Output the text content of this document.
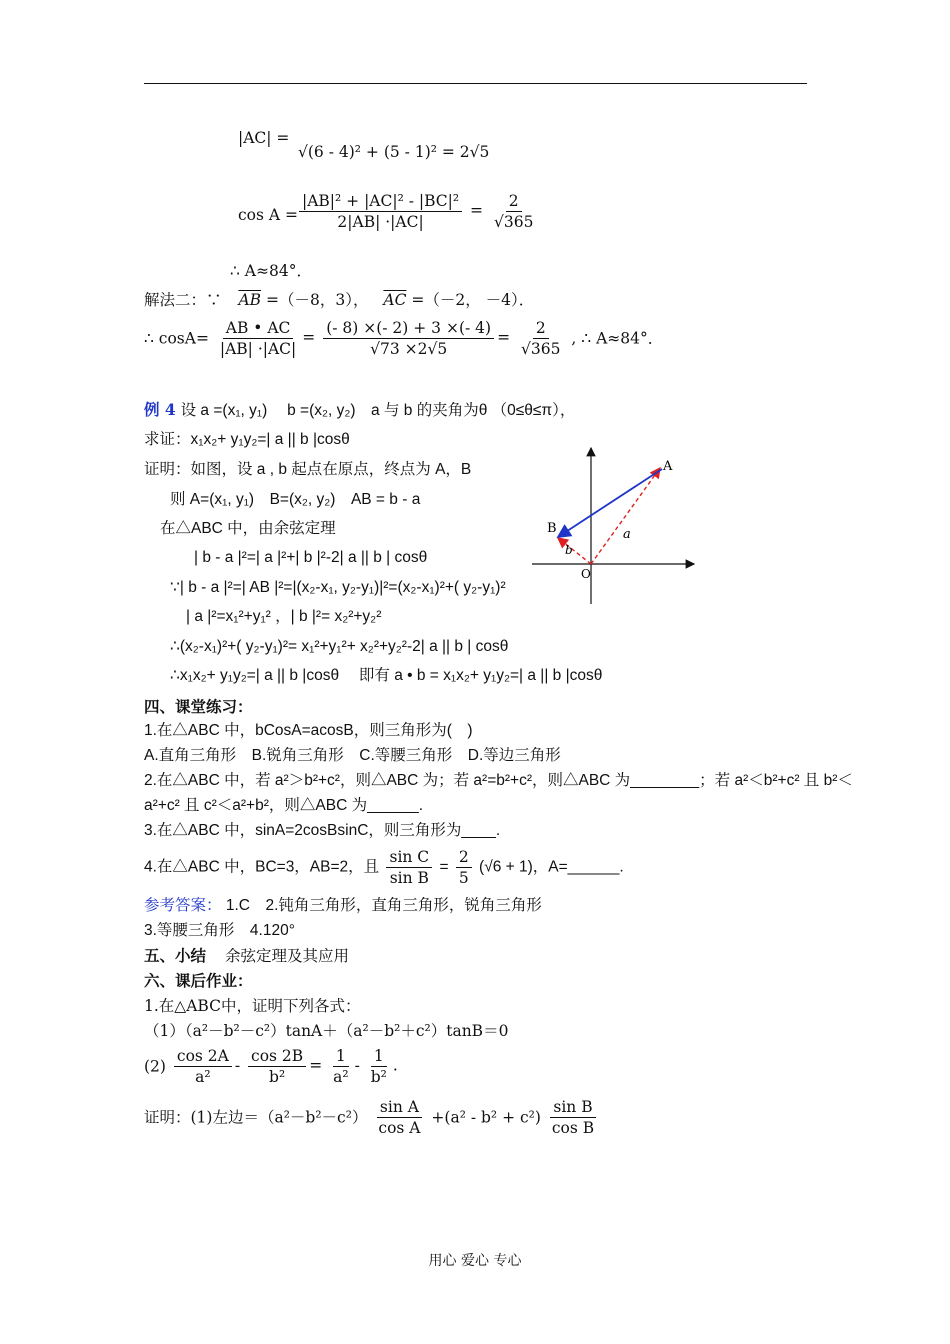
|AC| =
√(6 - 4)² + (5 - 1)² = 2√5
$\cos A = \frac{\text{|AB|² + |AC|² - |BC|²}}{2|AB| \cdot|AC|} = \frac{2}{√365}$
∴ A≈84°．
解法二：∵ $\overline{AB} =(-8$，3）， $\overline{AC} =(-2$， －4）．
∴ $\cos A= \frac{AB • AC}{|AB| \cdot|AC|} = \frac{(- 8) \times(- 2) + 3 \times(- 4)}{√73 \times 2√5} = \frac{2}{√365}$ , ∴ A≈84°．
例 4 设 a =(x₁, y₁)　 b =(x₂, y₂)　a 与 b 的夹角为θ （0≤θ≤π），
求证：x₁x₂+ y₁y₂=| a || b |cosθ
证明：如图，设 a , b 起点在原点，终点为 A，B
则 A=(x₁, y₁)　B=(x₂, y₂)　AB = b - a
在△ABC 中，由余弦定理
| b - a |²=| a |²+| b |²-2| a || b | cosθ
∵| b - a |²=| AB |²=|(x₂-x₁, y₂-y₁)|²=(x₂-x₁)²+( y₂-y₁)²
| a |²=x₁²+y₁² ，| b |²= x₂²+y₂²
∴(x₂-x₁)²+( y₂-y₁)²= x₁²+y₁²+ x₂²+y₂²-2| a || b | cosθ
∴x₁x₂+ y₁y₂=| a || b |cosθ　 即有 a • b = x₁x₂+ y₁y₂=| a || b |cosθ
A
B
O
a
b
四、课堂练习：
1.在△ABC 中，bCosA=acosB，则三角形为(　)
A.直角三角形　B.锐角三角形　C.等腰三角形　D.等边三角形
2.在△ABC 中，若 a²＞b²+c²，则△ABC 为；若 a²=b²+c²，则△ABC 为________；若 a²＜b²+c² 且 b²＜
a²+c² 且 c²＜a²+b²，则△ABC 为______.
3.在△ABC 中，sinA=2cosBsinC，则三角形为____.
4.在△ABC 中，BC=3，AB=2，且 $\frac{\text{sin C}}{\text{sin B}} = \frac{2}{5} (√6 + 1)$，A=______.
参考答案： 1.C　2.钝角三角形，直角三角形，锐角三角形
3.等腰三角形　4.120°
五、小结 余弦定理及其应用
六、课后作业：
1.在△ABC中，证明下列各式：
（1）（a²－b²－c²）tanA＋（a²－b²＋c²）tanB＝0
$(2) \frac{\cos 2A}{\text{a²}} - \frac{\cos 2B}{\text{b²}} = \frac{1}{\text{a²}} - \frac{1}{\text{b²}}$ .
证明：(1)左边$=(a^2-b^2-c^2) \frac{\text{sin A}}{\text{cos A}} +(a^2 - b^2 + c^2) \frac{\text{sin B}}{\text{cos B}}$
用心 爱心 专心
